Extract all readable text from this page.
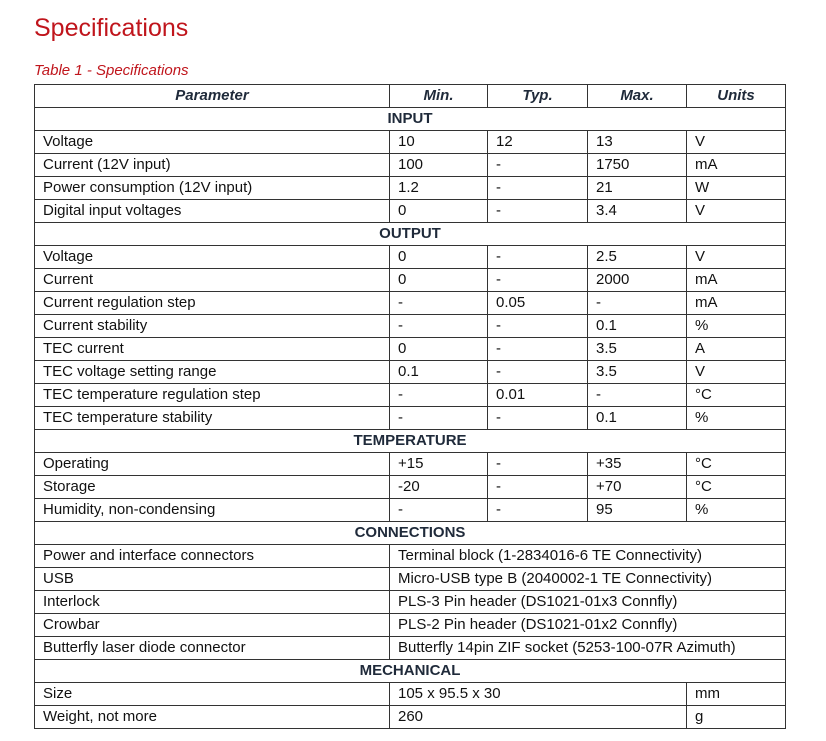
Specifications
Table 1 - Specifications
Parameter	Min.	Typ.	Max.	Units
INPUT				
Voltage	10	12	13	V
Current (12V input)	100	-	1750	mA
Power consumption (12V input)	1.2	-	21	W
Digital input voltages	0	-	3.4	V
OUTPUT				
Voltage	0	-	2.5	V
Current	0	-	2000	mA
Current regulation step	-	0.05	-	mA
Current stability	-	-	0.1	%
TEC current	0	-	3.5	A
TEC voltage setting range	0.1	-	3.5	V
TEC temperature regulation step	-	0.01	-	°C
TEC temperature stability	-	-	0.1	%
TEMPERATURE				
Operating	+15	-	+35	°C
Storage	-20	-	+70	°C
Humidity, non-condensing	-	-	95	%
CONNECTIONS				
Power and interface connectors	Terminal block (1-2834016-6 TE Connectivity)			
USB	Micro-USB type B (2040002-1 TE Connectivity)			
Interlock	PLS-3 Pin header (DS1021-01x3 Connfly)			
Crowbar	PLS-2 Pin header (DS1021-01x2 Connfly)			
Butterfly laser diode connector	Butterfly 14pin ZIF socket (5253-100-07R Azimuth)			
MECHANICAL				
Size	105 x 95.5 x 30			mm
Weight, not more	260			g
